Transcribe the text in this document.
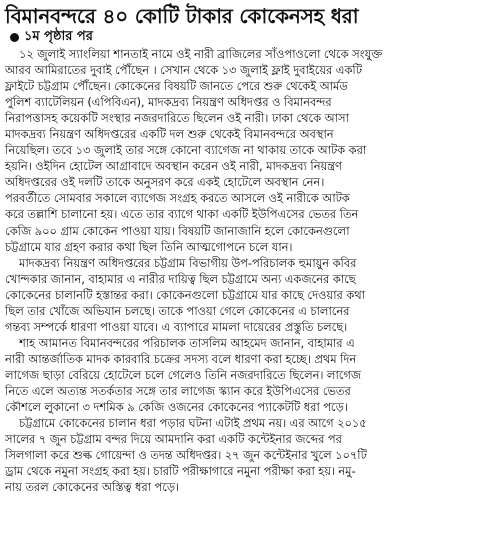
বিমানবন্দরে ৪০ কোটি টাকার কোকেনসহ ধরা
১ম পৃষ্ঠার পর

১২ জুলাই স্যাংলিয়া শানতাই নামে ওই নারী ব্রাজিলের সাঁওপাওলো থেকে সংযুক্ত
আরব আমিরাতের দুবাই পৌঁছেন । সেখান থেকে ১৩ জুলাই ফ্লাই দুবাইয়ের একটি
ফ্লাইটে চট্টগ্রাম পৌঁছেন। কোকেনের বিষয়টি জানতে পেরে শুরু থেকেই আর্মড
পুলিশ ব্যাটেলিয়ন (এপিবিএন), মাদকদ্রব্য নিয়ন্ত্রণ অধিদপ্তর ও বিমানবন্দর
নিরাপত্তাসহ কয়েকটি সংস্থার নজরদারিতে ছিলেন ওই নারী। ঢাকা থেকে আসা
মাদকদ্রব্য নিয়ন্ত্রণ অধিদপ্তরের একটি দল শুরু থেকেই বিমানবন্দরে অবস্থান
নিয়েছিল। তবে ১৩ জুলাই তার সঙ্গে কোনো ব্যাগেজ না থাকায় তাকে আটক করা
হয়নি। ওইদিন হোটেল আগ্রাবাদে অবস্থান করেন ওই নারী, মাদকদ্রব্য নিয়ন্ত্রণ
অধিদপ্তরের ওই দলটি তাকে অনুসরণ করে একই হোটেলে অবস্থান নেন।
পরবর্তীতে সোমবার সকালে ব্যাগেজ সংগ্রহ করতে আসলে ওই নারীকে আটক
করে তল্লাশি চালানো হয়। এতে তার ব্যাগে থাকা একটি ইউপিএসের ভেতর তিন
কেজি ৯০০ গ্রাম কোকেন পাওয়া যায়। বিষয়টি জানাজানি হলে কোকেনগুলো
চট্টগ্রামে যার গ্রহণ করার কথা ছিল তিনি আত্মগোপনে চলে যান।

মাদকদ্রব্য নিয়ন্ত্রণ অধিদপ্তরের চট্টগ্রাম বিভাগীয় উপ-পরিচালক হুমায়ুন কবির
খোন্দকার জানান, বাহামার এ নারীর দায়িত্ব ছিল চট্টগ্রামে অন্য একজনের কাছে
কোকেনের চালানটি হস্তান্তর করা। কোকেনগুলো চট্টগ্রামে যার কাছে দেওয়ার কথা
ছিল তার খোঁজে অভিযান চলছে। তাকে পাওয়া গেলে কোকেনের এ চালানের
গন্তব্য সম্পর্কে ধারণা পাওয়া যাবে। এ ব্যাপারে মামলা দায়েরের প্রস্তুতি চলছে।

শাহ আমানত বিমানবন্দরের পরিচালক তাসলিম আহমেদ জানান, বাহামার এ
নারী আন্তর্জাতিক মাদক কারবারি চক্রের সদস্য বলে ধারণা করা হচ্ছে। প্রথম দিন
লাগেজ ছাড়া বেরিয়ে হোটেলে চলে গেলেও তিনি নজরদারিতে ছিলেন। লাগেজ
নিতে এলে অত্যন্ত সতর্কতার সঙ্গে তার লাগেজ স্ক্যান করে ইউপিএসের ভেতর
কৌশলে লুকানো ৩ দশমিক ৯ কেজি ওজনের কোকেনের প্যাকেটটি ধরা পড়ে।

চট্টগ্রামে কোকেনের চালান ধরা পড়ার ঘটনা এটাই প্রথম নয়। এর আগে ২০১৫
সালের ৭ জুন চট্টগ্রাম বন্দর দিয়ে আমদানি করা একটি কন্টেইনার জব্দের পর
সিলগালা করে শুল্ক গোয়েন্দা ও তদন্ত অধিদপ্তর। ২৭ জুন কন্টেইনার খুলে ১০৭টি
ড্রাম থেকে নমুনা সংগ্রহ করা হয়। চারটি পরীক্ষাগারে নমুনা পরীক্ষা করা হয়। নমু-
নায় তরল কোকেনের অস্তিত্ব ধরা পড়ে।
